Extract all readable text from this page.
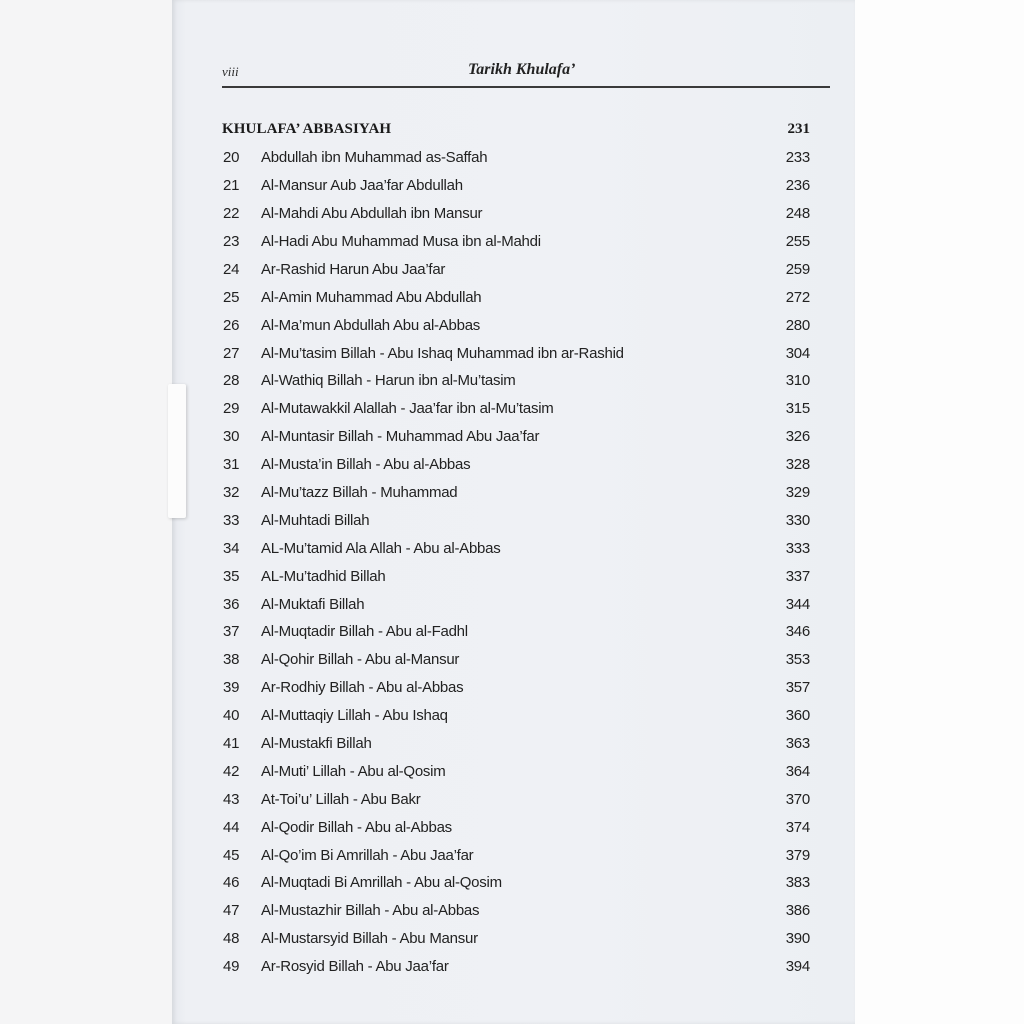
viii	Tarikh Khulafa’
KHULAFA’ ABBASIYAH	231
20	Abdullah ibn Muhammad as-Saffah	233
21	Al-Mansur Aub Jaa’far Abdullah	236
22	Al-Mahdi Abu Abdullah ibn Mansur	248
23	Al-Hadi Abu Muhammad Musa ibn al-Mahdi	255
24	Ar-Rashid Harun Abu Jaa’far	259
25	Al-Amin Muhammad Abu Abdullah	272
26	Al-Ma’mun Abdullah Abu al-Abbas	280
27	Al-Mu’tasim Billah - Abu Ishaq Muhammad ibn ar-Rashid	304
28	Al-Wathiq Billah - Harun ibn al-Mu’tasim	310
29	Al-Mutawakkil Alallah - Jaa’far ibn al-Mu’tasim	315
30	Al-Muntasir Billah - Muhammad Abu Jaa’far	326
31	Al-Musta’in Billah - Abu al-Abbas	328
32	Al-Mu’tazz Billah - Muhammad	329
33	Al-Muhtadi Billah	330
34	AL-Mu’tamid Ala Allah - Abu al-Abbas	333
35	AL-Mu’tadhid Billah	337
36	Al-Muktafi Billah	344
37	Al-Muqtadir Billah - Abu al-Fadhl	346
38	Al-Qohir Billah - Abu al-Mansur	353
39	Ar-Rodhiy Billah - Abu al-Abbas	357
40	Al-Muttaqiy Lillah - Abu Ishaq	360
41	Al-Mustakfi Billah	363
42	Al-Muti’ Lillah - Abu al-Qosim	364
43	At-Toi’u’ Lillah - Abu Bakr	370
44	Al-Qodir Billah - Abu al-Abbas	374
45	Al-Qo’im Bi Amrillah - Abu Jaa’far	379
46	Al-Muqtadi Bi Amrillah - Abu al-Qosim	383
47	Al-Mustazhir Billah - Abu al-Abbas	386
48	Al-Mustarsyid Billah - Abu Mansur	390
49	Ar-Rosyid Billah - Abu Jaa’far	394
